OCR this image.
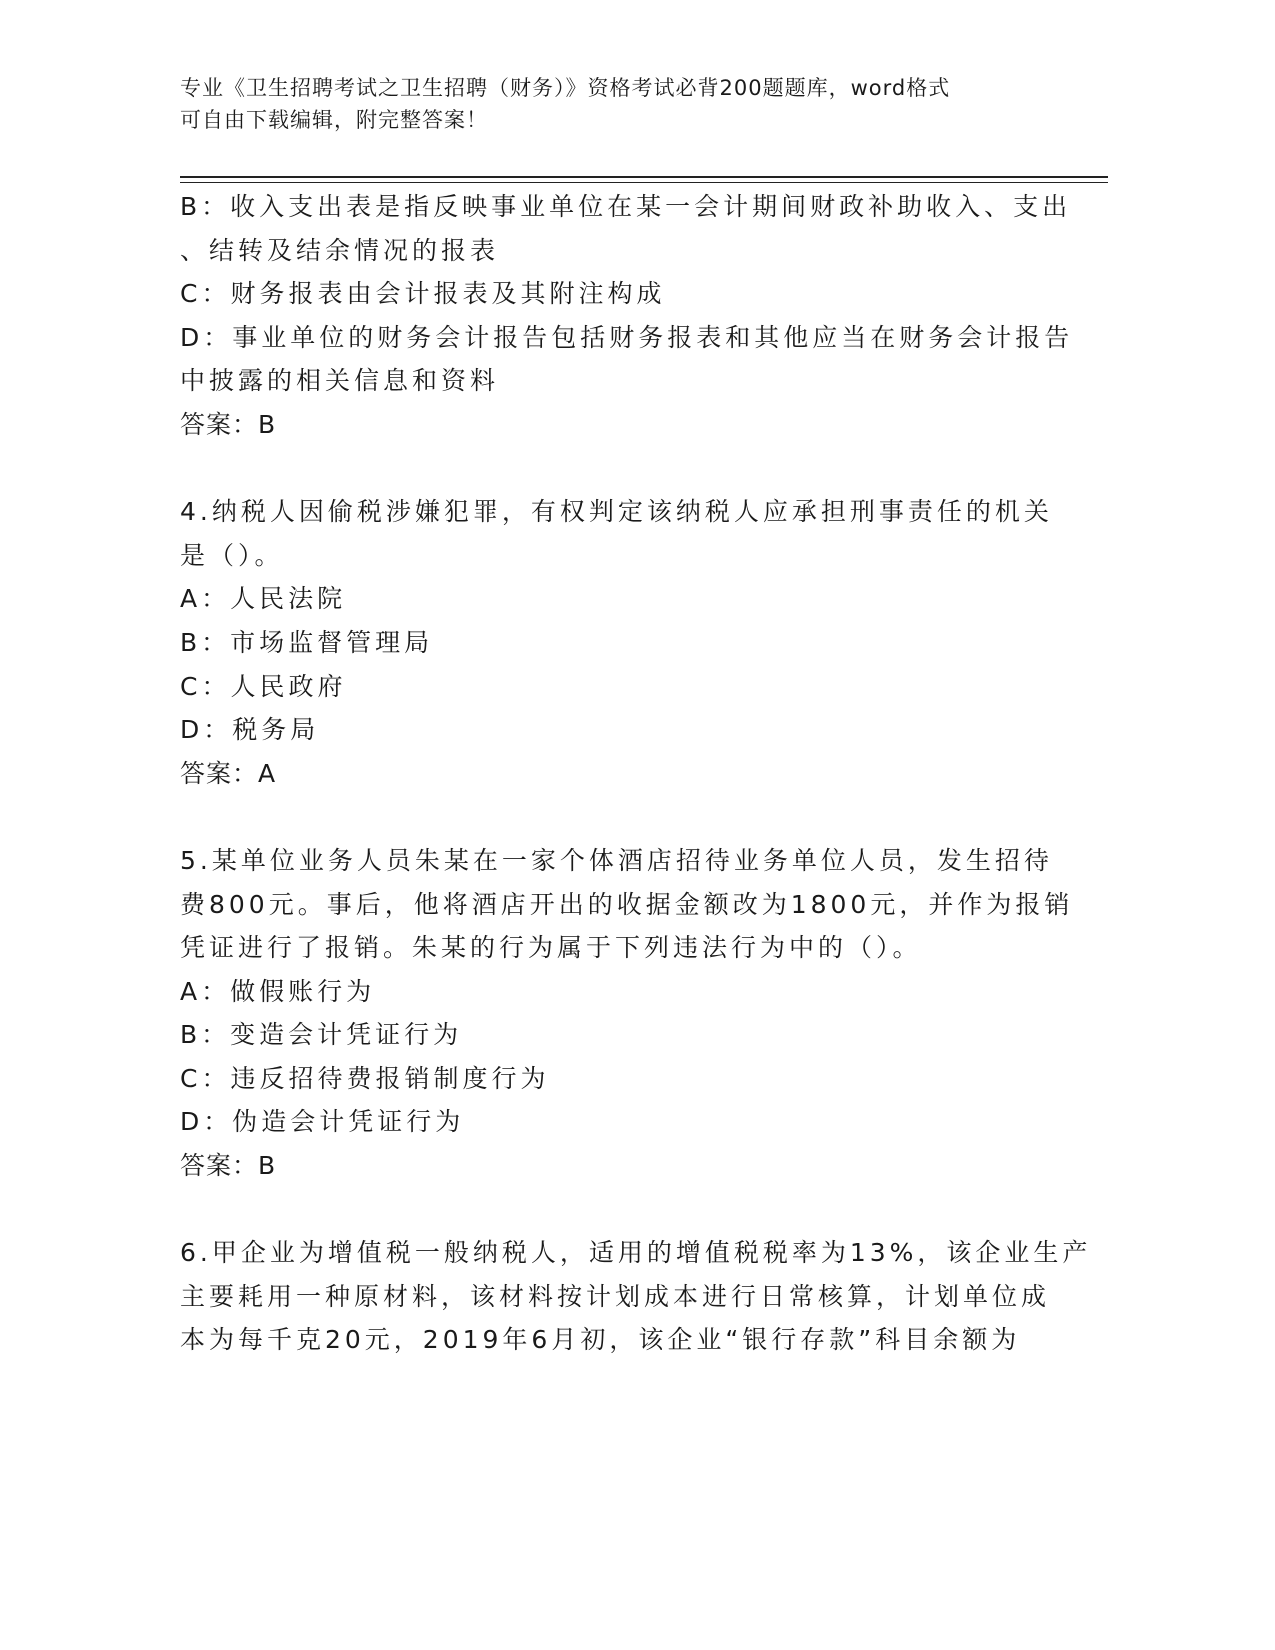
专业《卫生招聘考试之卫生招聘（财务）》资格考试必背200题题库，word格式
可自由下载编辑，附完整答案！
B：收入支出表是指反映事业单位在某一会计期间财政补助收入、支出
、结转及结余情况的报表
C：财务报表由会计报表及其附注构成
D：事业单位的财务会计报告包括财务报表和其他应当在财务会计报告
中披露的相关信息和资料
答案：B
4.纳税人因偷税涉嫌犯罪，有权判定该纳税人应承担刑事责任的机关
是（）。
A：人民法院
B：市场监督管理局
C：人民政府
D：税务局
答案：A
5.某单位业务人员朱某在一家个体酒店招待业务单位人员，发生招待
费800元。事后，他将酒店开出的收据金额改为1800元，并作为报销
凭证进行了报销。朱某的行为属于下列违法行为中的（）。
A：做假账行为
B：变造会计凭证行为
C：违反招待费报销制度行为
D：伪造会计凭证行为
答案：B
6.甲企业为增值税一般纳税人，适用的增值税税率为13%，该企业生产
主要耗用一种原材料，该材料按计划成本进行日常核算，计划单位成
本为每千克20元，2019年6月初，该企业“银行存款”科目余额为
